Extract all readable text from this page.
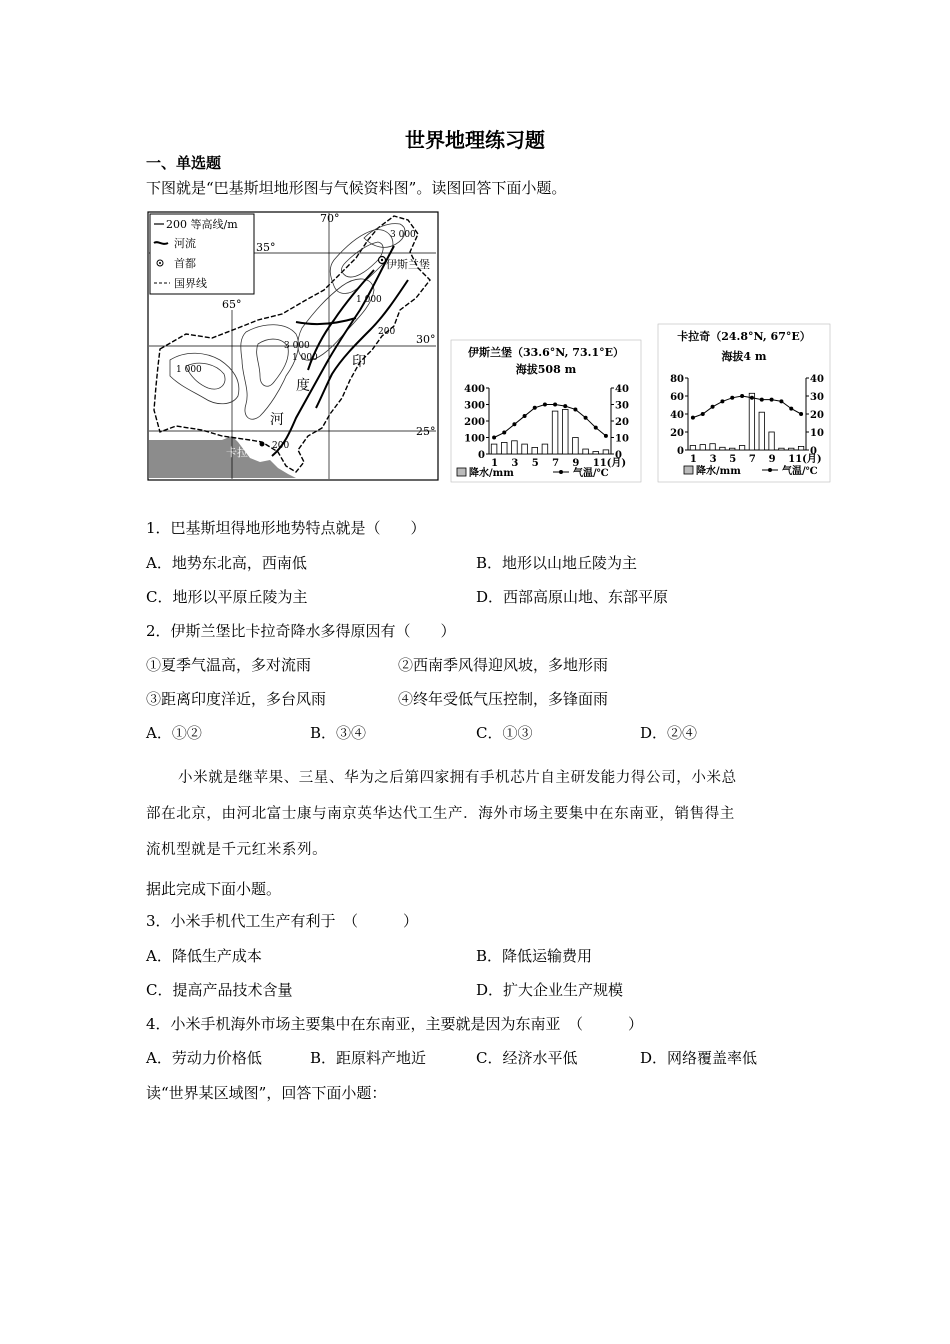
世界地理练习题
一、单选题
下图就是“巴基斯坦地形图与气候资料图”。读图回答下面小题。
200 等高线/m
河流
首都
国界线
35°
30°
25°
70°
65°
3 000
1 000
200
3 000
1 000
1 000
200
印
度
河
伊斯兰堡
卡拉奇
伊斯兰堡（33.6°N, 73.1°E）
海拔508 m
0
100
200
300
400
0
10
20
30
40
1 3 5 7 9 11(月)
降水/mm	气温/℃
卡拉奇（24.8°N, 67°E）
海拔4 m
0
20
40
60
80
0
10
20
30
40
1 3 5 7 9 11(月)
降水/mm	气温/℃
1．巴基斯坦得地形地势特点就是（　　）
A．地势东北高，西南低	B．地形以山地丘陵为主
C．地形以平原丘陵为主	D．西部高原山地、东部平原
2．伊斯兰堡比卡拉奇降水多得原因有（　　）
①夏季气温高，多对流雨	②西南季风得迎风坡，多地形雨
③距离印度洋近，多台风雨	④终年受低气压控制，多锋面雨
A．①②	B．③④	C．①③	D．②④
小米就是继苹果、三星、华为之后第四家拥有手机芯片自主研发能力得公司，小米总
部在北京，由河北富士康与南京英华达代工生产．海外市场主要集中在东南亚，销售得主
流机型就是千元红米系列。
据此完成下面小题。
3．小米手机代工生产有利于　（　　　）
A．降低生产成本	B．降低运输费用
C．提高产品技术含量	D．扩大企业生产规模
4．小米手机海外市场主要集中在东南亚，主要就是因为东南亚　（　　　）
A．劳动力价格低	B．距原料产地近	C．经济水平低	D．网络覆盖率低
读“世界某区域图”，回答下面小题：
